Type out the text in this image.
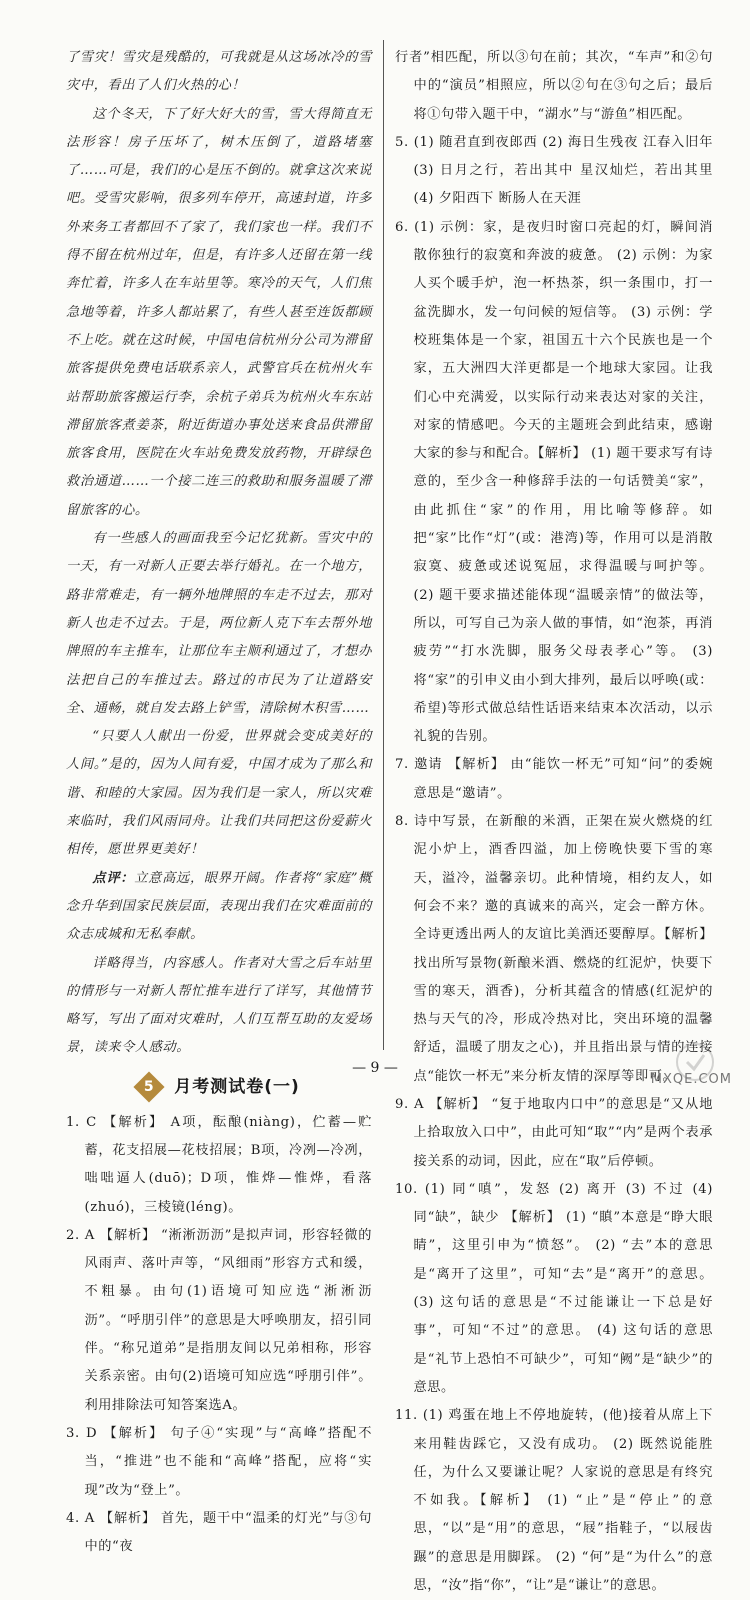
了雪灾！雪灾是残酷的，可我就是从这场冰冷的雪灾中，看出了人们火热的心！

这个冬天，下了好大好大的雪，雪大得简直无法形容！房子压坏了，树木压倒了，道路堵塞了……可是，我们的心是压不倒的。就拿这次来说吧。受雪灾影响，很多列车停开，高速封道，许多外来务工者都回不了家了，我们家也一样。我们不得不留在杭州过年，但是，有许多人还留在第一线奔忙着，许多人在车站里等。寒冷的天气，人们焦急地等着，许多人都站累了，有些人甚至连饭都顾不上吃。就在这时候，中国电信杭州分公司为滞留旅客提供免费电话联系亲人，武警官兵在杭州火车站帮助旅客搬运行李，余杭子弟兵为杭州火车东站滞留旅客煮姜茶，附近街道办事处送来食品供滞留旅客食用，医院在火车站免费发放药物，开辟绿色救治通道……一个接二连三的救助和服务温暖了滞留旅客的心。

有一些感人的画面我至今记忆犹新。雪灾中的一天，有一对新人正要去举行婚礼。在一个地方，路非常难走，有一辆外地牌照的车走不过去，那对新人也走不过去。于是，两位新人克下车去帮外地牌照的车主推车，让那位车主顺利通过了，才想办法把自己的车推过去。路过的市民为了让道路安全、通畅，就自发去路上铲雪，清除树木积雪……

“只要人人献出一份爱，世界就会变成美好的人间。”是的，因为人间有爱，中国才成为了那么和谐、和睦的大家园。因为我们是一家人，所以灾难来临时，我们风雨同舟。让我们共同把这份爱薪火相传，愿世界更美好！

点评：立意高远，眼界开阔。作者将“家庭”概念升华到国家民族层面，表现出我们在灾难面前的众志成城和无私奉献。

详略得当，内容感人。作者对大雪之后车站里的情形与一对新人帮忙推车进行了详写，其他情节略写，写出了面对灾难时，人们互帮互助的友爱场景，读来令人感动。

5 月考测试卷(一)

1. C 【解析】 A项，酝酿(niàng)，伫蓄—贮蓄，花支招展—花枝招展；B项，冷冽—冷冽，咄咄逼人(duō)；D项，惟烨—惟烨，看落(zhuó)，三棱镜(léng)。

2. A 【解析】 “淅淅沥沥”是拟声词，形容轻微的风雨声、落叶声等，“风细雨”形容方式和缓，不粗暴。由句(1)语境可知应选“淅淅沥沥”。“呼朋引伴”的意思是大呼唤朋友，招引同伴。“称兄道弟”是指朋友间以兄弟相称，形容关系亲密。由句(2)语境可知应选“呼朋引伴”。利用排除法可知答案选A。

3. D 【解析】 句子④“实现”与“高峰”搭配不当，“推进”也不能和“高峰”搭配，应将“实现”改为“登上”。

4. A 【解析】 首先，题干中“温柔的灯光”与③句中的“夜

行者”相匹配，所以③句在前；其次，“车声”和②句中的“演员”相照应，所以②句在③句之后；最后将①句带入题干中，“湖水”与“游鱼”相匹配。

5. (1) 随君直到夜郎西 (2) 海日生残夜 江春入旧年 (3) 日月之行，若出其中 星汉灿烂，若出其里 (4) 夕阳西下 断肠人在天涯

6. (1) 示例：家，是夜归时窗口亮起的灯，瞬间消散你独行的寂寞和奔波的疲惫。 (2) 示例：为家人买个暖手炉，泡一杯热茶，织一条围巾，打一盆洗脚水，发一句问候的短信等。 (3) 示例：学校班集体是一个家，祖国五十六个民族也是一个家，五大洲四大洋更都是一个地球大家园。让我们心中充满爱，以实际行动来表达对家的关注，对家的情感吧。今天的主题班会到此结束，感谢大家的参与和配合。【解析】 (1) 题干要求写有诗意的，至少含一种修辞手法的一句话赞美“家”，由此抓住“家”的作用，用比喻等修辞。如把“家”比作“灯”(或：港湾)等，作用可以是消散寂寞、疲惫或述说冤屈，求得温暖与呵护等。 (2) 题干要求描述能体现“温暖亲情”的做法等，所以，可写自己为亲人做的事情，如“泡茶，再消疲劳”“打水洗脚，服务父母表孝心”等。 (3) 将“家”的引申义由小到大排列，最后以呼唤(或：希望)等形式做总结性话语来结束本次活动，以示礼貌的告别。

7. 邀请 【解析】 由“能饮一杯无”可知“问”的委婉意思是“邀请”。

8. 诗中写景，在新酿的米酒，正架在炭火燃烧的红泥小炉上，酒香四溢，加上傍晚快要下雪的寒天，溢冷，溢馨亲切。此种情境，相约友人，如何会不来？邀的真诚来的高兴，定会一醉方休。全诗更透出两人的友谊比美酒还要醇厚。【解析】 找出所写景物(新酿米酒、燃烧的红泥炉，快要下雪的寒天，酒香)，分析其蕴含的情感(红泥炉的热与天气的冷，形成冷热对比，突出环境的温馨舒适，温暖了朋友之心)，并且指出景与情的连接点“能饮一杯无”来分析友情的深厚等即可。

9. A 【解析】 “复于地取内口中”的意思是“又从地上拾取放入口中”，由此可知“取”“内”是两个表承接关系的动词，因此，应在“取”后停顿。

10. (1) 同“嗔”，发怒 (2) 离开 (3) 不过 (4) 同“缺”，缺少 【解析】 (1) “瞋”本意是“睁大眼睛”，这里引申为“愤怒”。 (2) “去”本的意思是“离开了这里”，可知“去”是“离开”的意思。 (3) 这句话的意思是“不过能谦让一下总是好事”，可知“不过”的意思。 (4) 这句话的意思是“礼节上恐怕不可缺少”，可知“阙”是“缺少”的意思。

11. (1) 鸡蛋在地上不停地旋转，(他)接着从席上下来用鞋齿踩它，又没有成功。 (2) 既然说能胜任，为什么又要谦让呢？人家说的意思是有终究不如我。【解析】 (1) “止”是“停止”的意思，“以”是“用”的意思，“屐”指鞋子，“以屐齿蹍”的意思是用脚踩。 (2) “何”是“为什么”的意思，“汝”指“你”，“让”是“谦让”的意思。

— 9 —
MXQE.COM
